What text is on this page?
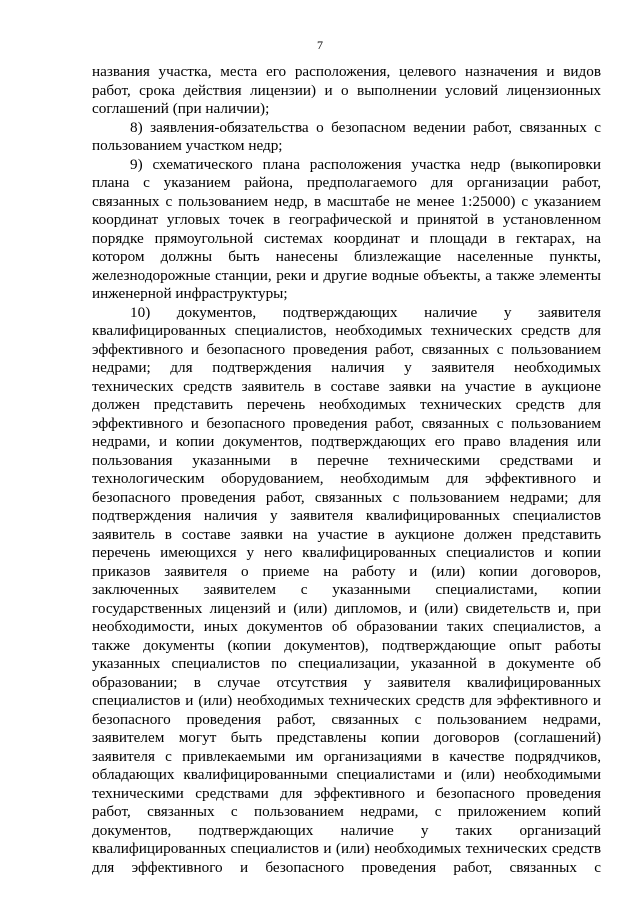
7
названия участка, места его расположения, целевого назначения и видов
работ, срока действия лицензии) и о выполнении условий лицензионных
соглашений (при наличии);
8) заявления-обязательства о безопасном ведении работ, связанных с
пользованием участком недр;
9) схематического плана расположения участка недр (выкопировки
плана с указанием района, предполагаемого для организации работ,
связанных с пользованием недр, в масштабе не менее 1:25000) с указанием
координат угловых точек в географической и принятой в установленном
порядке прямоугольной системах координат и площади в гектарах, на
котором должны быть нанесены близлежащие населенные пункты,
железнодорожные станции, реки и другие водные объекты, а также элементы
инженерной инфраструктуры;
10) документов, подтверждающих наличие у заявителя
квалифицированных специалистов, необходимых технических средств для
эффективного и безопасного проведения работ, связанных с пользованием
недрами; для подтверждения наличия у заявителя необходимых
технических средств заявитель в составе заявки на участие в аукционе
должен представить перечень необходимых технических средств для
эффективного и безопасного проведения работ, связанных с пользованием
недрами, и копии документов, подтверждающих его право владения или
пользования указанными в перечне техническими средствами и
технологическим оборудованием, необходимым для эффективного и
безопасного проведения работ, связанных с пользованием недрами; для
подтверждения наличия у заявителя квалифицированных специалистов
заявитель в составе заявки на участие в аукционе должен представить
перечень имеющихся у него квалифицированных специалистов и копии
приказов заявителя о приеме на работу и (или) копии договоров,
заключенных заявителем с указанными специалистами, копии
государственных лицензий и (или) дипломов, и (или) свидетельств и, при
необходимости, иных документов об образовании таких специалистов, а
также документы (копии документов), подтверждающие опыт работы
указанных специалистов по специализации, указанной в документе об
образовании; в случае отсутствия у заявителя квалифицированных
специалистов и (или) необходимых технических средств для эффективного и
безопасного проведения работ, связанных с пользованием недрами,
заявителем могут быть представлены копии договоров (соглашений)
заявителя с привлекаемыми им организациями в качестве подрядчиков,
обладающих квалифицированными специалистами и (или) необходимыми
техническими средствами для эффективного и безопасного проведения
работ, связанных с пользованием недрами, с приложением копий
документов, подтверждающих наличие у таких организаций
квалифицированных специалистов и (или) необходимых технических средств
для эффективного и безопасного проведения работ, связанных с
